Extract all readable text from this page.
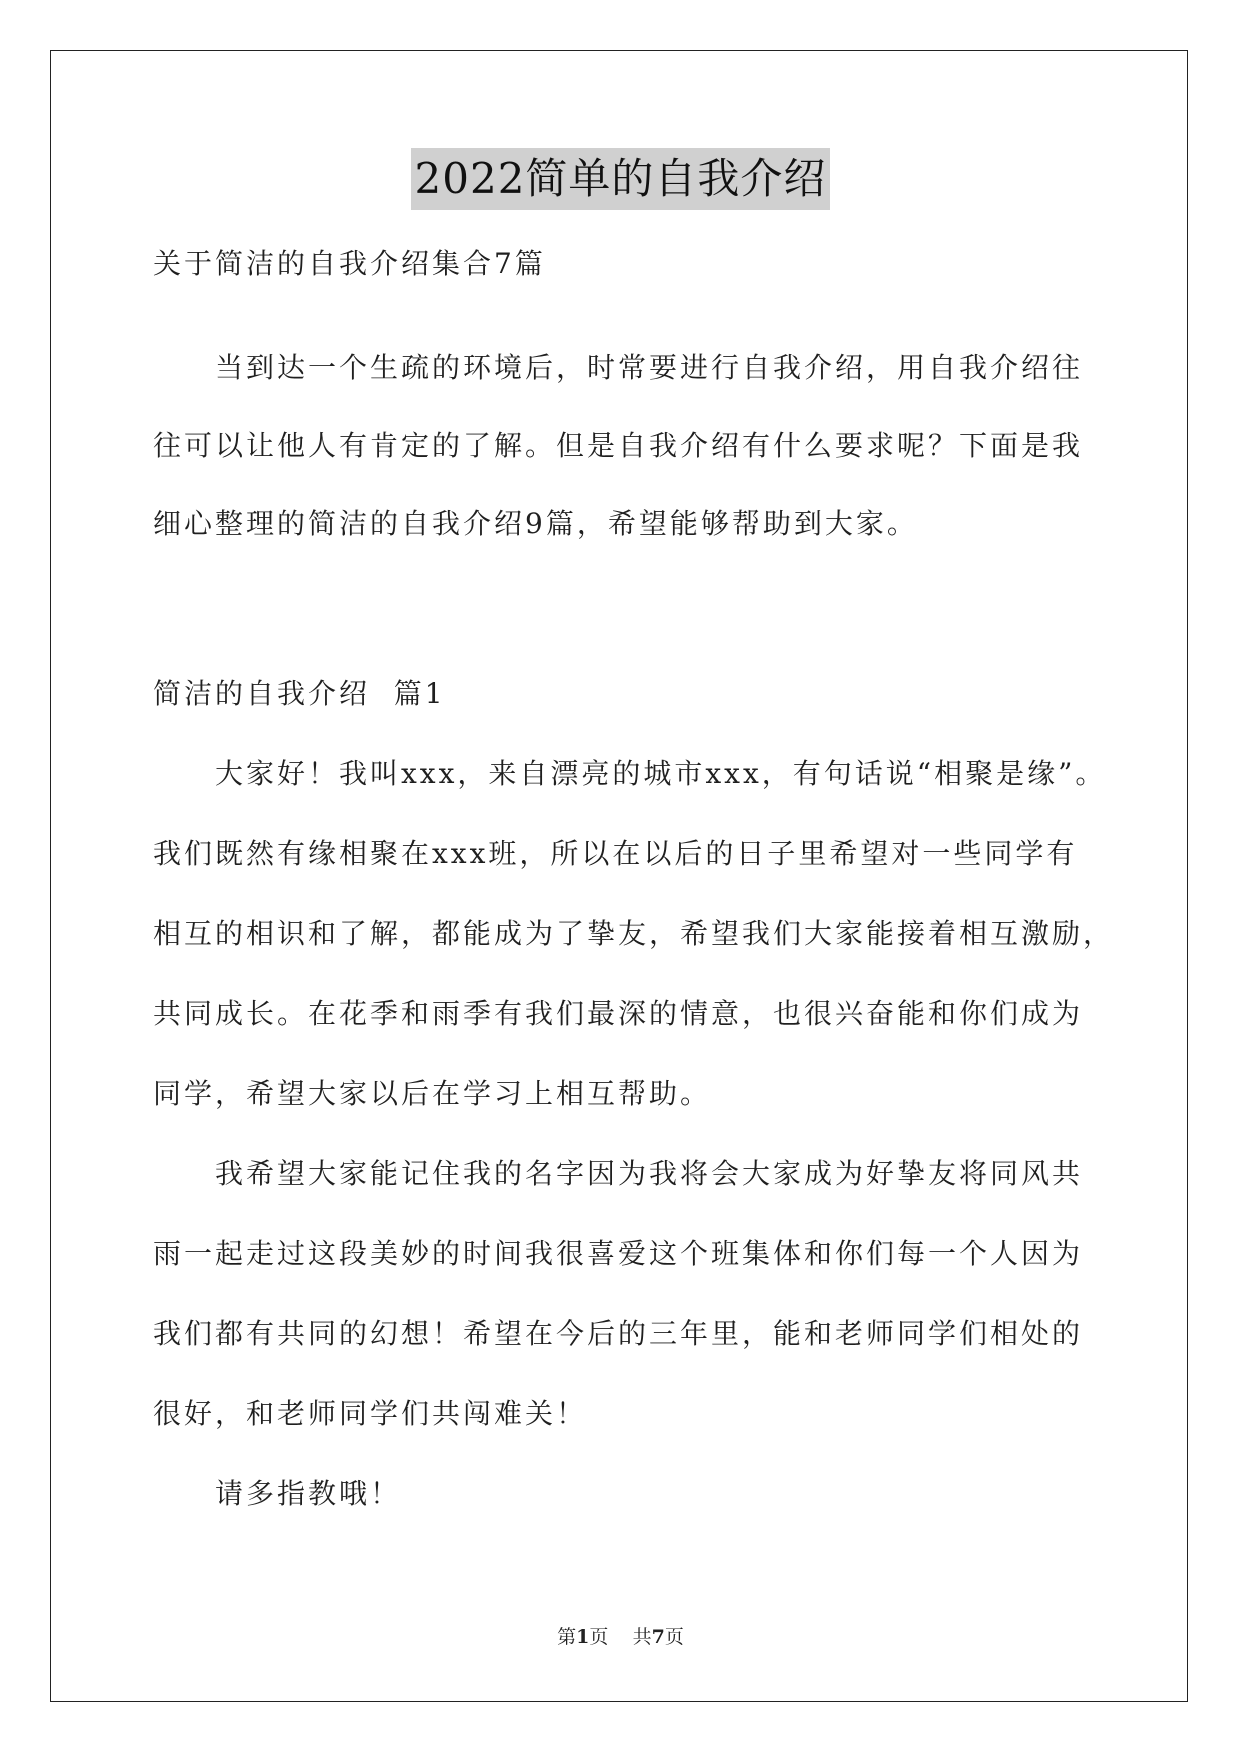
2022简单的自我介绍
关于简洁的自我介绍集合7篇
当到达一个生疏的环境后，时常要进行自我介绍，用自我介绍往
往可以让他人有肯定的了解。但是自我介绍有什么要求呢？下面是我
细心整理的简洁的自我介绍9篇，希望能够帮助到大家。
简洁的自我介绍  篇1
大家好！我叫xxx，来自漂亮的城市xxx，有句话说“相聚是缘”。
我们既然有缘相聚在xxx班，所以在以后的日子里希望对一些同学有
相互的相识和了解，都能成为了挚友，希望我们大家能接着相互激励，
共同成长。在花季和雨季有我们最深的情意，也很兴奋能和你们成为
同学，希望大家以后在学习上相互帮助。
我希望大家能记住我的名字因为我将会大家成为好挚友将同风共
雨一起走过这段美妙的时间我很喜爱这个班集体和你们每一个人因为
我们都有共同的幻想！希望在今后的三年里，能和老师同学们相处的
很好，和老师同学们共闯难关！
请多指教哦！
第1页 共7页
